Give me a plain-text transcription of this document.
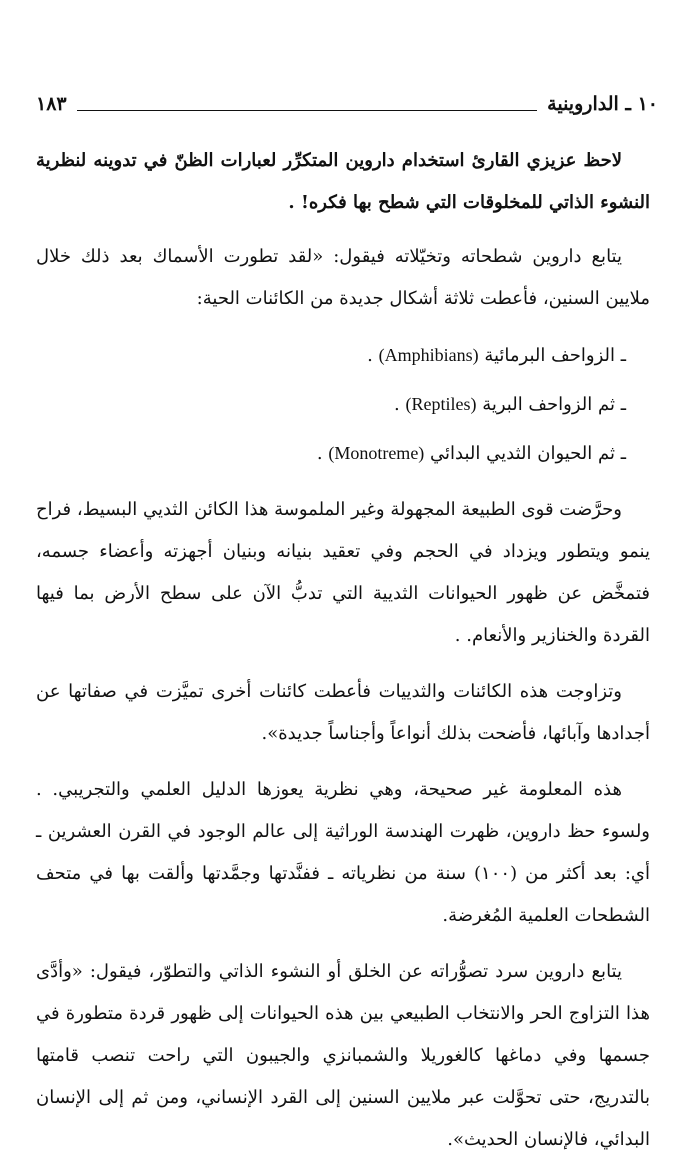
١٠ ـ الداروينية
١٨٣

لاحظ عزيزي القارئ استخدام داروين المتكرِّر لعبارات الظنّ في تدوينه لنظرية النشوء الذاتي للمخلوقات التي شطح بها فكره! .

يتابع داروين شطحاته وتخيّلاته فيقول: «لقد تطورت الأسماك بعد ذلك خلال ملايين السنين، فأعطت ثلاثة أشكال جديدة من الكائنات الحية:

ـ الزواحف البرمائية (Amphibians) .

ـ ثم الزواحف البرية (Reptiles) .

ـ ثم الحيوان الثديي البدائي (Monotreme) .

وحرَّضت قوى الطبيعة المجهولة وغير الملموسة هذا الكائن الثديي البسيط، فراح ينمو ويتطور ويزداد في الحجم وفي تعقيد بنيانه وبنيان أجهزته وأعضاء جسمه، فتمخَّض عن ظهور الحيوانات الثديية التي تدبُّ الآن على سطح الأرض بما فيها القردة والخنازير والأنعام. .

وتزاوجت هذه الكائنات والثدييات فأعطت كائنات أخرى تميَّزت في صفاتها عن أجدادها وآبائها، فأضحت بذلك أنواعاً وأجناساً جديدة».

هذه المعلومة غير صحيحة، وهي نظرية يعوزها الدليل العلمي والتجريبي. . ولسوء حظ داروين، ظهرت الهندسة الوراثية إلى عالم الوجود في القرن العشرين ـ أي: بعد أكثر من (١٠٠) سنة من نظرياته ـ ففنَّدتها وجمَّدتها وألقت بها في متحف الشطحات العلمية المُغرضة.

يتابع داروين سرد تصوُّراته عن الخلق أو النشوء الذاتي والتطوّر، فيقول: «وأدَّى هذا التزاوج الحر والانتخاب الطبيعي بين هذه الحيوانات إلى ظهور قردة متطورة في جسمها وفي دماغها كالغوريلا والشمبانزي والجيبون التي راحت تنصب قامتها بالتدريج، حتى تحوَّلت عبر ملايين السنين إلى القرد الإنساني، ومن ثم إلى الإنسان البدائي، فالإنسان الحديث».
